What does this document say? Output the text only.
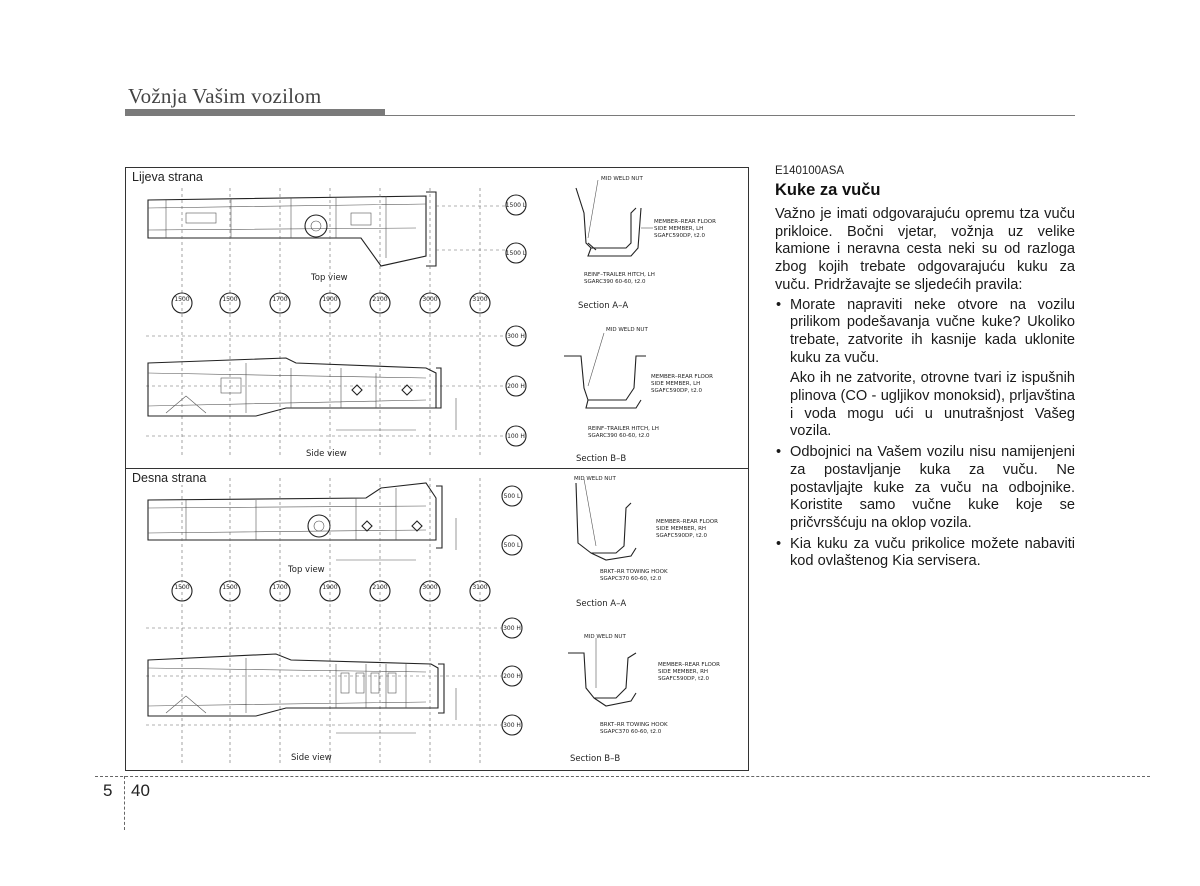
Vožnja Vašim vozilom
Top view
1500	1500	1700	1900	2100	3000	3100
1500 L
1500 L
300 H
200 H
100 H
Side view
MID WELD NUT
MEMBER–REAR FLOOR
SIDE MEMBER, LH
SGAFC590DP, t2.0
REINF–TRAILER HITCH, LH
SGARC390 60-60, t2.0
Section A–A
MID WELD NUT
MEMBER–REAR FLOOR
SIDE MEMBER, LH
SGAFC590DP, t2.0
REINF–TRAILER HITCH, LH
SGARC390 60-60, t2.0
Section B–B
Top view
1500	1500	1700	1900	2100	3000	3100
500 L
500 L
300 H
200 H
300 H
Side view
MID WELD NUT
MEMBER–REAR FLOOR
SIDE MEMBER, RH
SGAFC590DP, t2.0
BRKT–RR TOWING HOOK
SGAPC370 60-60, t2.0
Section A–A
MID WELD NUT
MEMBER–REAR FLOOR
SIDE MEMBER, RH
SGAFC590DP, t2.0
BRKT–RR TOWING HOOK
SGAPC370 60-60, t2.0
Section B–B
Lijeva strana
Desna strana
E140100ASA
Kuke za vuču

Važno je imati odgovarajuću opremu tza vuču prikloice. Bočni vjetar, vožnja uz velike kamione i neravna cesta neki su od razloga zbog kojih trebate odgovarajuću kuku za vuču. Pridržavajte se sljedećih pravila:

• Morate napraviti neke otvore na vozilu prilikom podešavanja vučne kuke? Ukoliko trebate, zatvorite ih kasnije kada uklonite kuku za vuču.
Ako ih ne zatvorite, otrovne tvari iz ispušnih plinova (CO - ugljikov monoksid), prljavština i voda mogu ući u unutrašnjost Vašeg vozila.
• Odbojnici na Vašem vozilu nisu namijenjeni za postavljanje kuka za vuču. Ne postavljajte kuke za vuču na odbojnike. Koristite samo vučne kuke koje se pričvrsšćuju na oklop vozila.
• Kia kuku za vuču prikolice možete nabaviti kod ovlaštenog Kia servisera.
5 40
